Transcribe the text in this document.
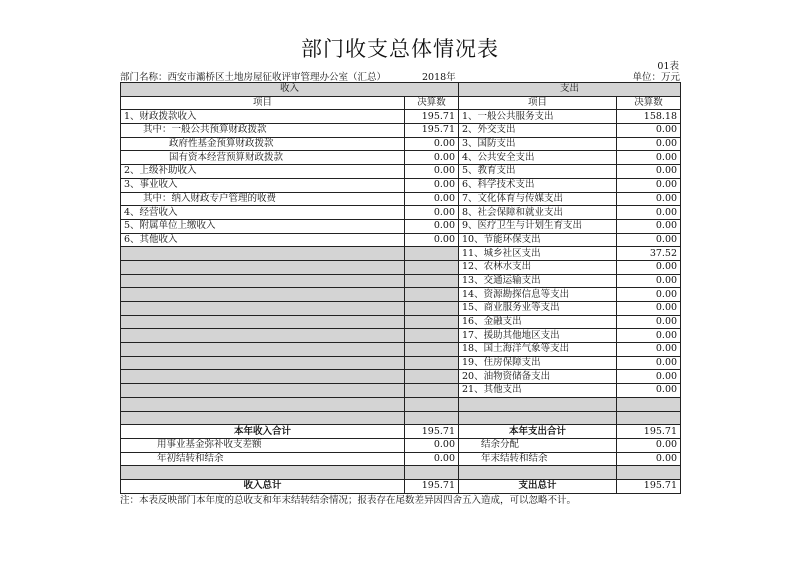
部门收支总体情况表
01表
部门名称：西安市灞桥区土地房屋征收评审管理办公室（汇总）	2018年	单位：万元
收入		支出	
项目	决算数	项目	决算数
1、财政拨款收入	195.71	1、一般公共服务支出	158.18
其中：一般公共预算财政拨款	195.71	2、外交支出	0.00
政府性基金预算财政拨款	0.00	3、国防支出	0.00
国有资本经营预算财政拨款	0.00	4、公共安全支出	0.00
2、上级补助收入	0.00	5、教育支出	0.00
3、事业收入	0.00	6、科学技术支出	0.00
其中：纳入财政专户管理的收费	0.00	7、文化体育与传媒支出	0.00
4、经营收入	0.00	8、社会保障和就业支出	0.00
5、附属单位上缴收入	0.00	9、医疗卫生与计划生育支出	0.00
6、其他收入	0.00	10、节能环保支出	0.00
		11、城乡社区支出	37.52
		12、农林水支出	0.00
		13、交通运输支出	0.00
		14、资源勘探信息等支出	0.00
		15、商业服务业等支出	0.00
		16、金融支出	0.00
		17、援助其他地区支出	0.00
		18、国土海洋气象等支出	0.00
		19、住房保障支出	0.00
		20、油物资储备支出	0.00
		21、其他支出	0.00

本年收入合计	195.71	本年支出合计	195.71
用事业基金弥补收支差额	0.00	结余分配	0.00
年初结转和结余	0.00	年末结转和结余	0.00

收入总计	195.71	支出总计	195.71
注：本表反映部门本年度的总收支和年末结转结余情况；报表存在尾数差异因四舍五入造成，可以忽略不计。
